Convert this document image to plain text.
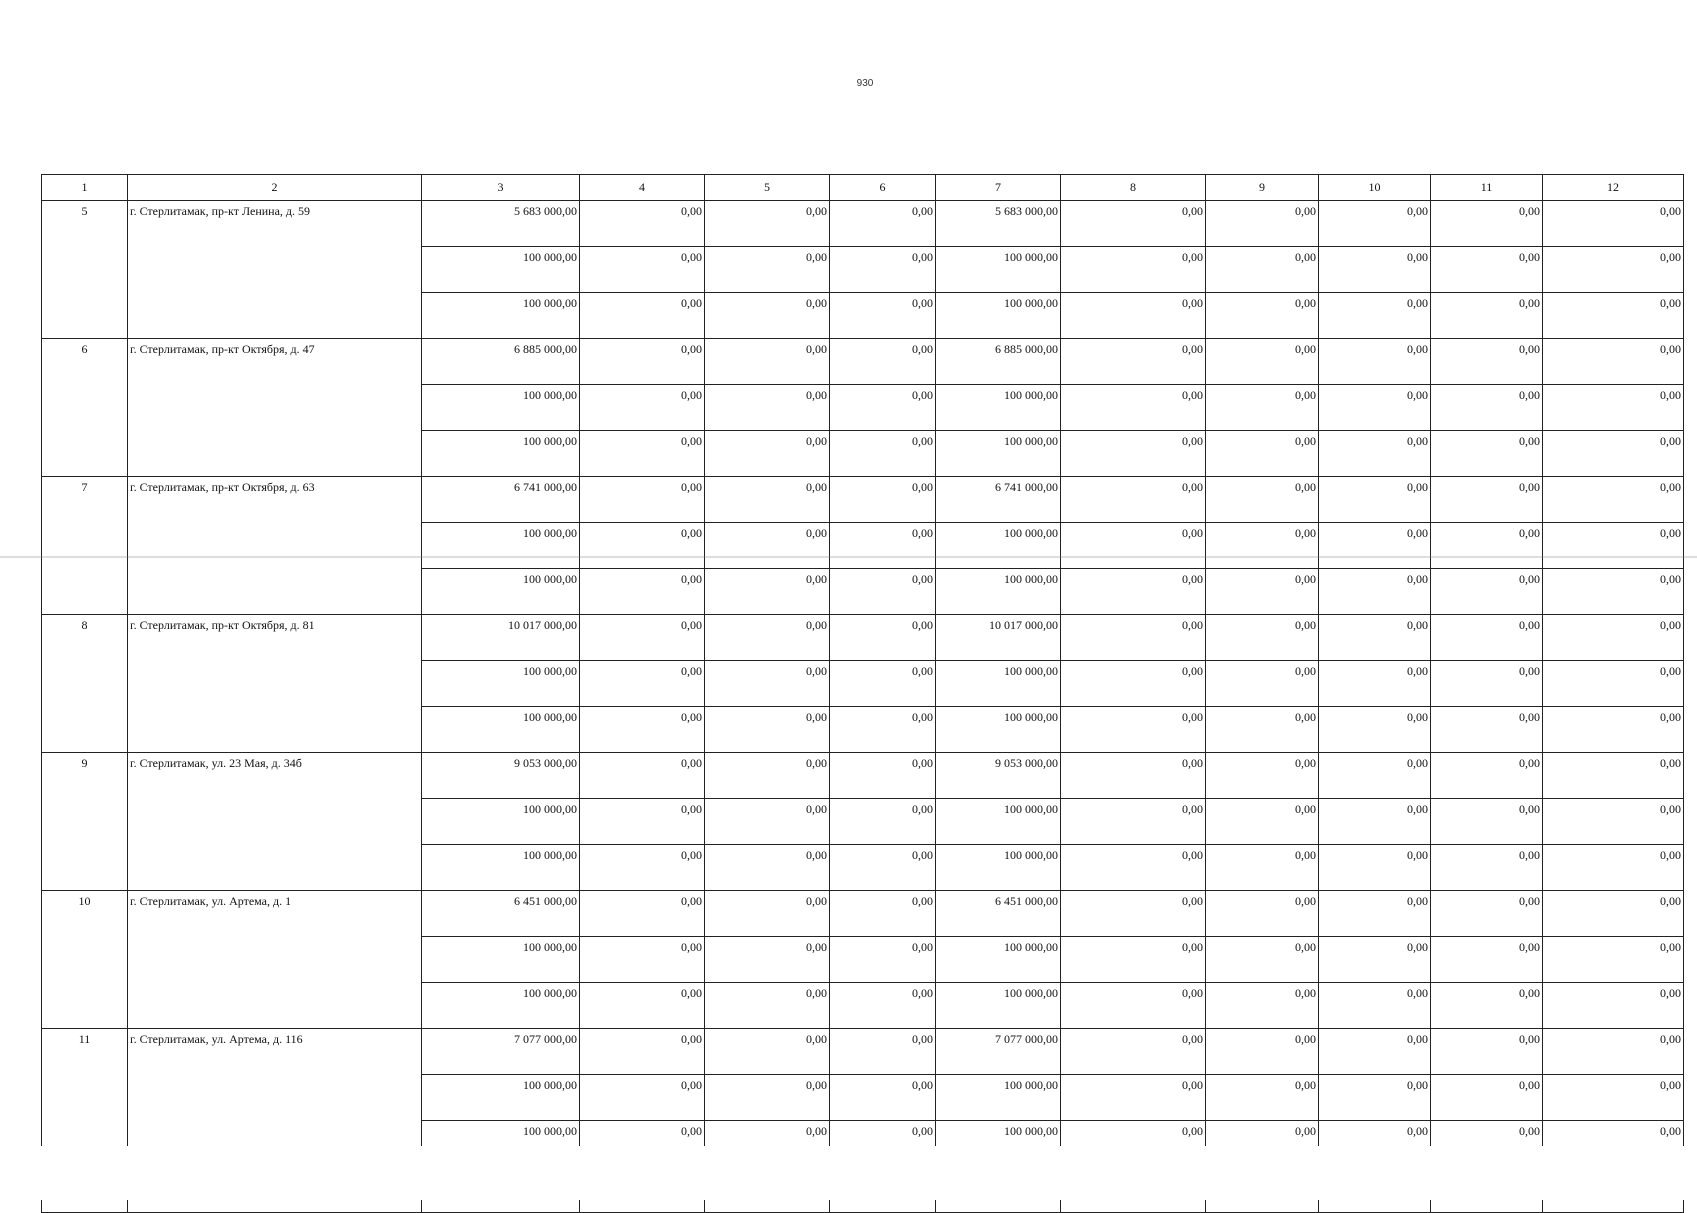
930
1	2	3	4	5	6	7	8	9	10	11	12
5	г. Стерлитамак, пр-кт Ленина, д. 59	5 683 000,00	0,00	0,00	0,00	5 683 000,00	0,00	0,00	0,00	0,00	0,00
		100 000,00	0,00	0,00	0,00	100 000,00	0,00	0,00	0,00	0,00	0,00
		100 000,00	0,00	0,00	0,00	100 000,00	0,00	0,00	0,00	0,00	0,00
6	г. Стерлитамак, пр-кт Октября, д. 47	6 885 000,00	0,00	0,00	0,00	6 885 000,00	0,00	0,00	0,00	0,00	0,00
		100 000,00	0,00	0,00	0,00	100 000,00	0,00	0,00	0,00	0,00	0,00
		100 000,00	0,00	0,00	0,00	100 000,00	0,00	0,00	0,00	0,00	0,00
7	г. Стерлитамак, пр-кт Октября, д. 63	6 741 000,00	0,00	0,00	0,00	6 741 000,00	0,00	0,00	0,00	0,00	0,00
		100 000,00	0,00	0,00	0,00	100 000,00	0,00	0,00	0,00	0,00	0,00
		100 000,00	0,00	0,00	0,00	100 000,00	0,00	0,00	0,00	0,00	0,00
8	г. Стерлитамак, пр-кт Октября, д. 81	10 017 000,00	0,00	0,00	0,00	10 017 000,00	0,00	0,00	0,00	0,00	0,00
		100 000,00	0,00	0,00	0,00	100 000,00	0,00	0,00	0,00	0,00	0,00
		100 000,00	0,00	0,00	0,00	100 000,00	0,00	0,00	0,00	0,00	0,00
9	г. Стерлитамак, ул. 23 Мая, д. 34б	9 053 000,00	0,00	0,00	0,00	9 053 000,00	0,00	0,00	0,00	0,00	0,00
		100 000,00	0,00	0,00	0,00	100 000,00	0,00	0,00	0,00	0,00	0,00
		100 000,00	0,00	0,00	0,00	100 000,00	0,00	0,00	0,00	0,00	0,00
10	г. Стерлитамак, ул. Артема, д. 1	6 451 000,00	0,00	0,00	0,00	6 451 000,00	0,00	0,00	0,00	0,00	0,00
		100 000,00	0,00	0,00	0,00	100 000,00	0,00	0,00	0,00	0,00	0,00
		100 000,00	0,00	0,00	0,00	100 000,00	0,00	0,00	0,00	0,00	0,00
11	г. Стерлитамак, ул. Артема, д. 116	7 077 000,00	0,00	0,00	0,00	7 077 000,00	0,00	0,00	0,00	0,00	0,00
		100 000,00	0,00	0,00	0,00	100 000,00	0,00	0,00	0,00	0,00	0,00
		100 000,00	0,00	0,00	0,00	100 000,00	0,00	0,00	0,00	0,00	0,00
